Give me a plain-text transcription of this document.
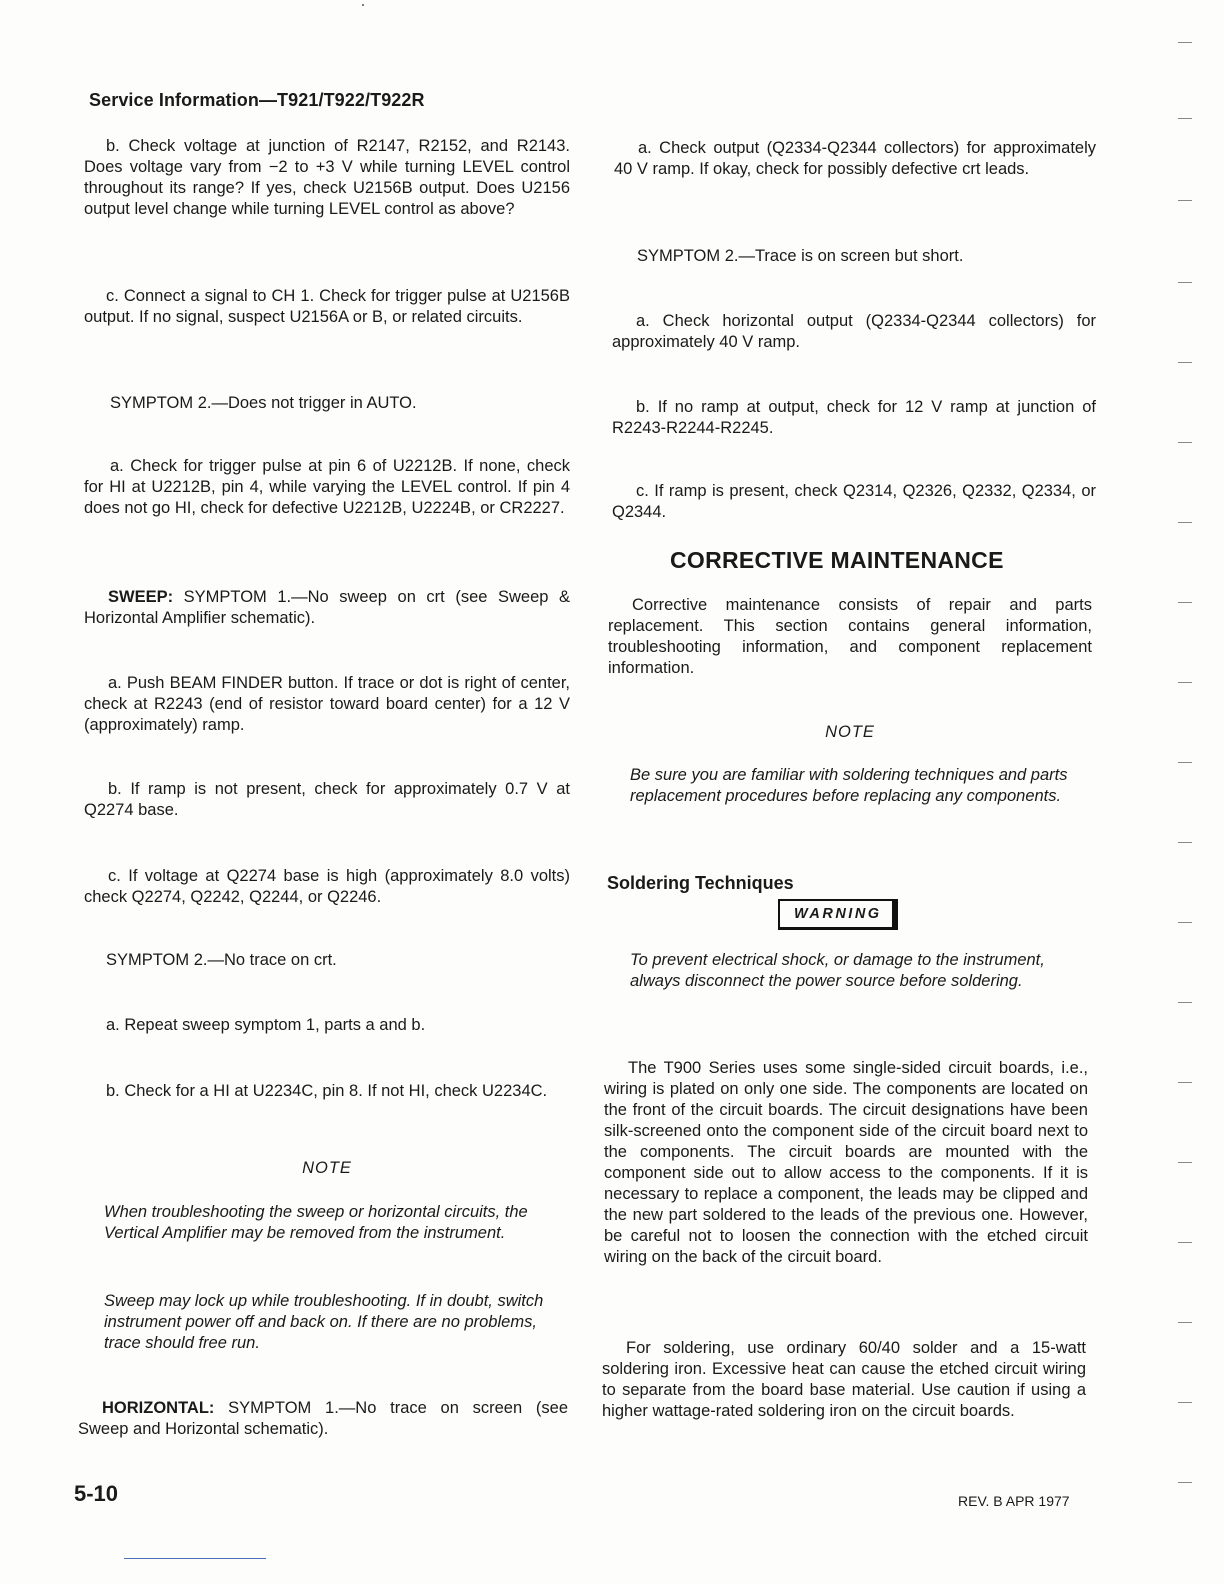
Service Information—T921/T922/T922R

b. Check voltage at junction of R2147, R2152, and R2143. Does voltage vary from −2 to +3 V while turning LEVEL control throughout its range? If yes, check U2156B output. Does U2156 output level change while turning LEVEL control as above?

c. Connect a signal to CH 1. Check for trigger pulse at U2156B output. If no signal, suspect U2156A or B, or related circuits.

SYMPTOM 2.—Does not trigger in AUTO.

a. Check for trigger pulse at pin 6 of U2212B. If none, check for HI at U2212B, pin 4, while varying the LEVEL control. If pin 4 does not go HI, check for defective U2212B, U2224B, or CR2227.

SWEEP: SYMPTOM 1.—No sweep on crt (see Sweep & Horizontal Amplifier schematic).

a. Push BEAM FINDER button. If trace or dot is right of center, check at R2243 (end of resistor toward board center) for a 12 V (approximately) ramp.

b. If ramp is not present, check for approximately 0.7 V at Q2274 base.

c. If voltage at Q2274 base is high (approximately 8.0 volts) check Q2274, Q2242, Q2244, or Q2246.

SYMPTOM 2.—No trace on crt.

a. Repeat sweep symptom 1, parts a and b.

b. Check for a HI at U2234C, pin 8. If not HI, check U2234C.

NOTE

When troubleshooting the sweep or horizontal circuits, the Vertical Amplifier may be removed from the instrument.

Sweep may lock up while troubleshooting. If in doubt, switch instrument power off and back on. If there are no problems, trace should free run.

HORIZONTAL: SYMPTOM 1.—No trace on screen (see Sweep and Horizontal schematic).

a. Check output (Q2334-Q2344 collectors) for approximately 40 V ramp. If okay, check for possibly defective crt leads.

SYMPTOM 2.—Trace is on screen but short.

a. Check horizontal output (Q2334-Q2344 collectors) for approximately 40 V ramp.

b. If no ramp at output, check for 12 V ramp at junction of R2243-R2244-R2245.

c. If ramp is present, check Q2314, Q2326, Q2332, Q2334, or Q2344.

CORRECTIVE MAINTENANCE

Corrective maintenance consists of repair and parts replacement. This section contains general information, troubleshooting information, and component replacement information.

NOTE

Be sure you are familiar with soldering techniques and parts replacement procedures before replacing any components.

Soldering Techniques
WARNING

To prevent electrical shock, or damage to the instrument, always disconnect the power source before soldering.

The T900 Series uses some single-sided circuit boards, i.e., wiring is plated on only one side. The components are located on the front of the circuit boards. The circuit designations have been silk-screened onto the component side of the circuit board next to the components. The circuit boards are mounted with the component side out to allow access to the components. If it is necessary to replace a component, the leads may be clipped and the new part soldered to the leads of the previous one. However, be careful not to loosen the connection with the etched circuit wiring on the back of the circuit board.

For soldering, use ordinary 60/40 solder and a 15-watt soldering iron. Excessive heat can cause the etched circuit wiring to separate from the board base material. Use caution if using a higher wattage-rated soldering iron on the circuit boards.

5-10	REV. B APR 1977
